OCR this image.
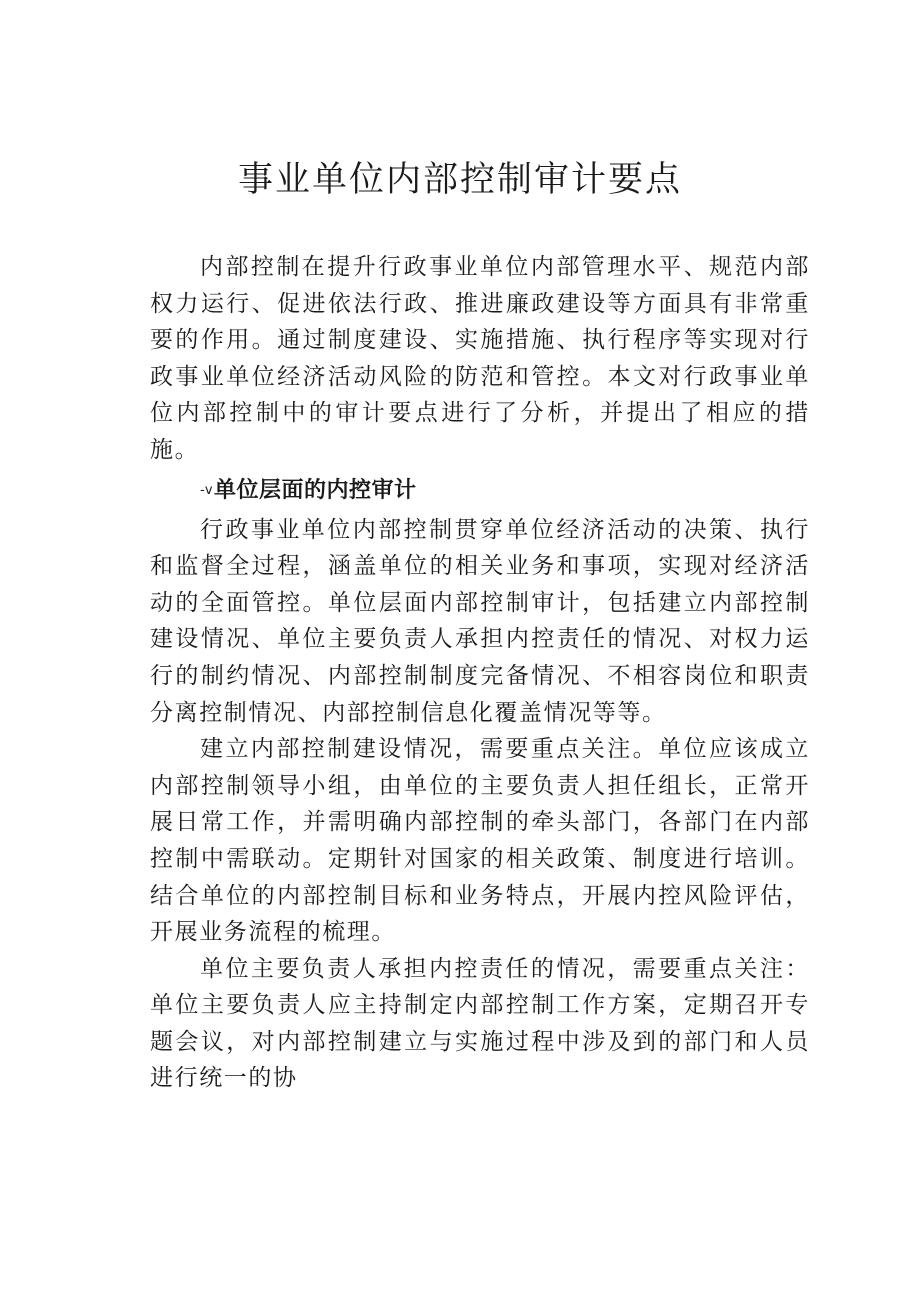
事业单位内部控制审计要点

内部控制在提升行政事业单位内部管理水平、规范内部权力运行、促进依法行政、推进廉政建设等方面具有非常重要的作用。通过制度建设、实施措施、执行程序等实现对行政事业单位经济活动风险的防范和管控。本文对行政事业单位内部控制中的审计要点进行了分析，并提出了相应的措施。

-v单位层面的内控审计

行政事业单位内部控制贯穿单位经济活动的决策、执行和监督全过程，涵盖单位的相关业务和事项，实现对经济活动的全面管控。单位层面内部控制审计，包括建立内部控制建设情况、单位主要负责人承担内控责任的情况、对权力运行的制约情况、内部控制制度完备情况、不相容岗位和职责分离控制情况、内部控制信息化覆盖情况等等。

建立内部控制建设情况，需要重点关注。单位应该成立内部控制领导小组，由单位的主要负责人担任组长，正常开展日常工作，并需明确内部控制的牵头部门，各部门在内部控制中需联动。定期针对国家的相关政策、制度进行培训。结合单位的内部控制目标和业务特点，开展内控风险评估，开展业务流程的梳理。

单位主要负责人承担内控责任的情况，需要重点关注：单位主要负责人应主持制定内部控制工作方案，定期召开专题会议，对内部控制建立与实施过程中涉及到的部门和人员进行统一的协
